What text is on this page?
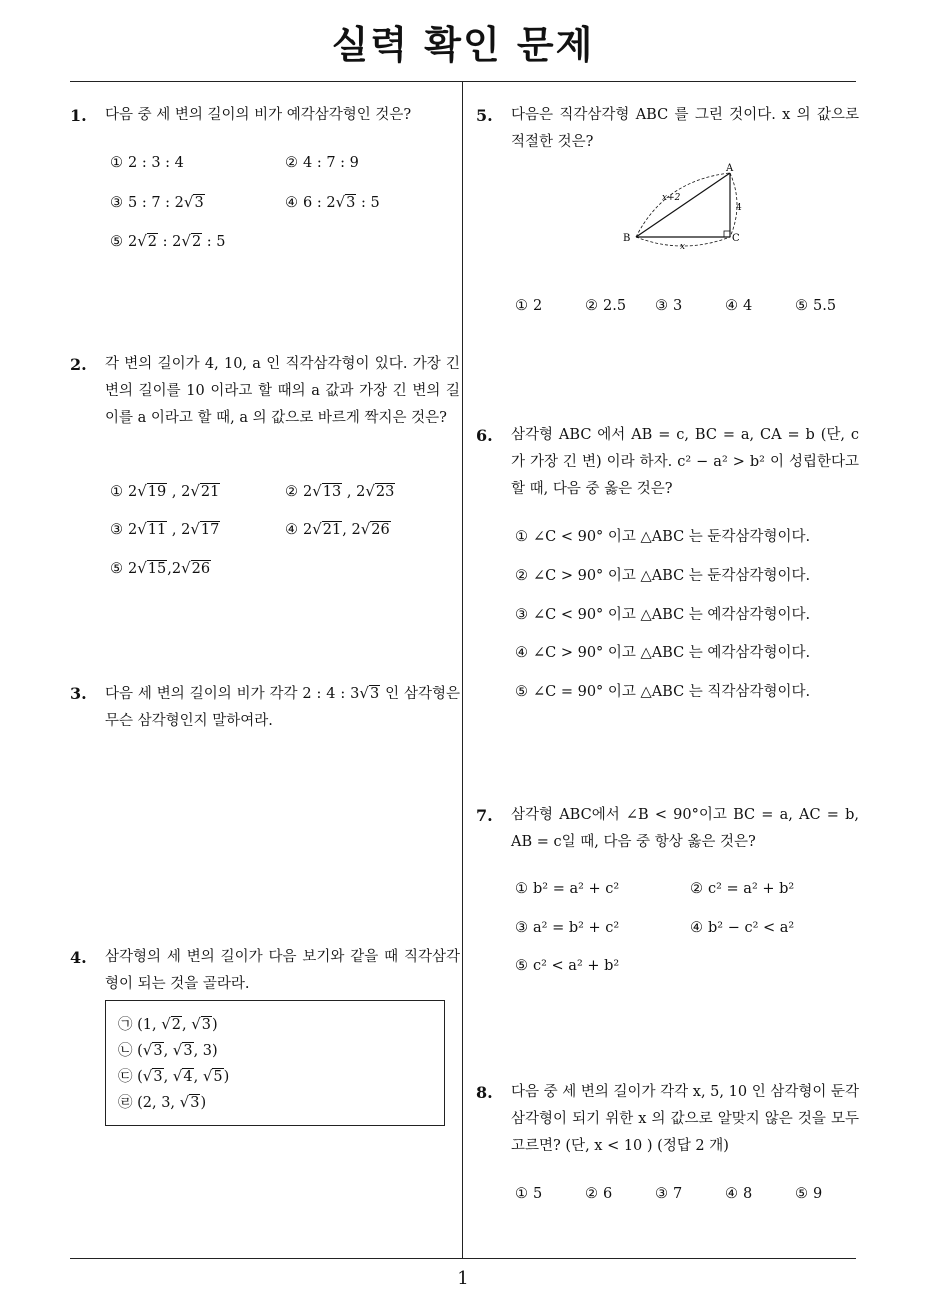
실력 확인 문제
1
1. 다음 중 세 변의 길이의 비가 예각삼각형인 것은?
① 2 : 3 : 4	② 4 : 7 : 9
③ 5 : 7 : 2√3	④ 6 : 2√3 : 5
⑤ 2√2 : 2√2 : 5
2. 각 변의 길이가 4, 10, a 인 직각삼각형이 있다. 가장 긴 변의 길이를 10 이라고 할 때의 a 값과 가장 긴 변의 길이를 a 이라고 할 때, a 의 값으로 바르게 짝지은 것은?
① 2√19 , 2√21	② 2√13 , 2√23
③ 2√11 , 2√17	④ 2√21, 2√26
⑤ 2√15,2√26
3. 다음 세 변의 길이의 비가 각각 2 : 4 : 3√3 인 삼각형은 무슨 삼각형인지 말하여라.
4. 삼각형의 세 변의 길이가 다음 보기와 같을 때 직각삼각형이 되는 것을 골라라.
㉠ (1, √2, √3)
㉡ (√3, √3, 3)
㉢ (√3, √4, √5)
㉣ (2, 3, √3)
5. 다음은 직각삼각형 ABC 를 그린 것이다. x 의 값으로 적절한 것은?
A
B	C
x+2
4
x
① 2	② 2.5 ③ 3	④ 4	⑤ 5.5
6. 삼각형 ABC 에서 AB = c, BC = a, CA = b (단, c 가 가장 긴 변) 이라 하자. c² − a² > b² 이 성립한다고 할 때, 다음 중 옳은 것은?
① ∠C < 90° 이고 △ABC 는 둔각삼각형이다.
② ∠C > 90° 이고 △ABC 는 둔각삼각형이다.
③ ∠C < 90° 이고 △ABC 는 예각삼각형이다.
④ ∠C > 90° 이고 △ABC 는 예각삼각형이다.
⑤ ∠C = 90° 이고 △ABC 는 직각삼각형이다.
7. 삼각형 ABC에서 ∠B < 90°이고 BC = a, AC = b, AB = c일 때, 다음 중 항상 옳은 것은?
① b² = a² + c²	② c² = a² + b²
③ a² = b² + c²	④ b² − c² < a²
⑤ c² < a² + b²
8. 다음 중 세 변의 길이가 각각 x, 5, 10 인 삼각형이 둔각삼각형이 되기 위한 x 의 값으로 알맞지 않은 것을 모두 고르면? (단, x < 10 ) (정답 2 개)
① 5	② 6	③ 7	④ 8	⑤ 9
